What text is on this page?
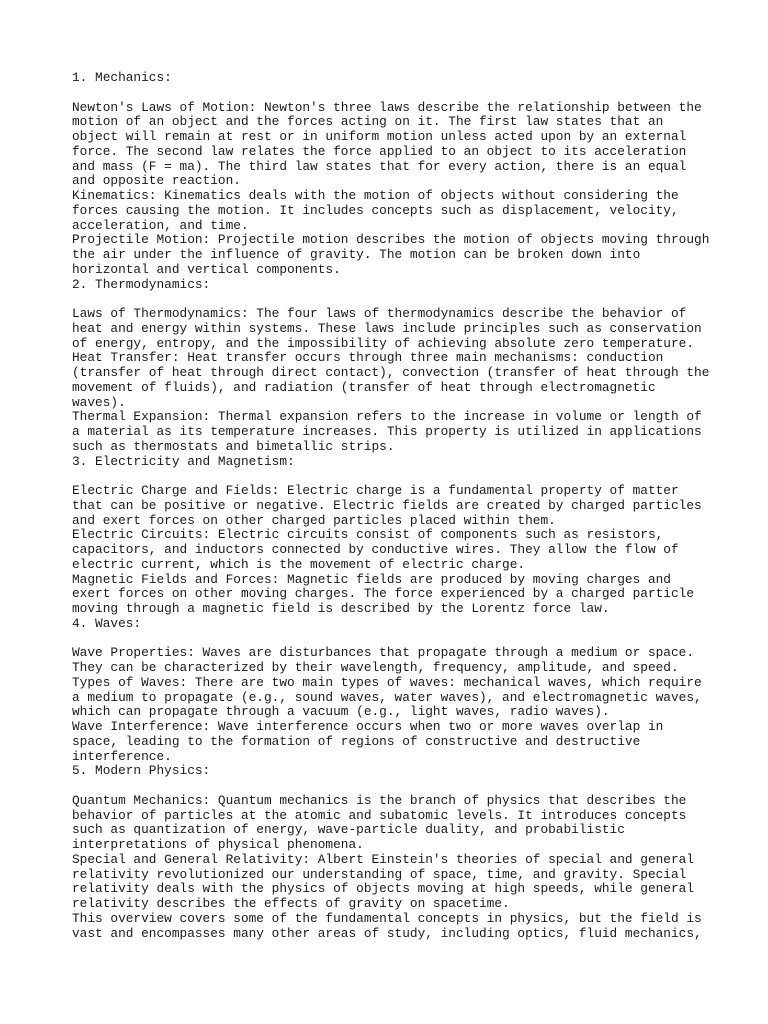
1. Mechanics:
Newton's Laws of Motion: Newton's three laws describe the relationship between the
motion of an object and the forces acting on it. The first law states that an
object will remain at rest or in uniform motion unless acted upon by an external
force. The second law relates the force applied to an object to its acceleration
and mass (F = ma). The third law states that for every action, there is an equal
and opposite reaction.
Kinematics: Kinematics deals with the motion of objects without considering the
forces causing the motion. It includes concepts such as displacement, velocity,
acceleration, and time.
Projectile Motion: Projectile motion describes the motion of objects moving through
the air under the influence of gravity. The motion can be broken down into
horizontal and vertical components.
2. Thermodynamics:
Laws of Thermodynamics: The four laws of thermodynamics describe the behavior of
heat and energy within systems. These laws include principles such as conservation
of energy, entropy, and the impossibility of achieving absolute zero temperature.
Heat Transfer: Heat transfer occurs through three main mechanisms: conduction
(transfer of heat through direct contact), convection (transfer of heat through the
movement of fluids), and radiation (transfer of heat through electromagnetic
waves).
Thermal Expansion: Thermal expansion refers to the increase in volume or length of
a material as its temperature increases. This property is utilized in applications
such as thermostats and bimetallic strips.
3. Electricity and Magnetism:
Electric Charge and Fields: Electric charge is a fundamental property of matter
that can be positive or negative. Electric fields are created by charged particles
and exert forces on other charged particles placed within them.
Electric Circuits: Electric circuits consist of components such as resistors,
capacitors, and inductors connected by conductive wires. They allow the flow of
electric current, which is the movement of electric charge.
Magnetic Fields and Forces: Magnetic fields are produced by moving charges and
exert forces on other moving charges. The force experienced by a charged particle
moving through a magnetic field is described by the Lorentz force law.
4. Waves:
Wave Properties: Waves are disturbances that propagate through a medium or space.
They can be characterized by their wavelength, frequency, amplitude, and speed.
Types of Waves: There are two main types of waves: mechanical waves, which require
a medium to propagate (e.g., sound waves, water waves), and electromagnetic waves,
which can propagate through a vacuum (e.g., light waves, radio waves).
Wave Interference: Wave interference occurs when two or more waves overlap in
space, leading to the formation of regions of constructive and destructive
interference.
5. Modern Physics:
Quantum Mechanics: Quantum mechanics is the branch of physics that describes the
behavior of particles at the atomic and subatomic levels. It introduces concepts
such as quantization of energy, wave-particle duality, and probabilistic
interpretations of physical phenomena.
Special and General Relativity: Albert Einstein's theories of special and general
relativity revolutionized our understanding of space, time, and gravity. Special
relativity deals with the physics of objects moving at high speeds, while general
relativity describes the effects of gravity on spacetime.
This overview covers some of the fundamental concepts in physics, but the field is
vast and encompasses many other areas of study, including optics, fluid mechanics,
